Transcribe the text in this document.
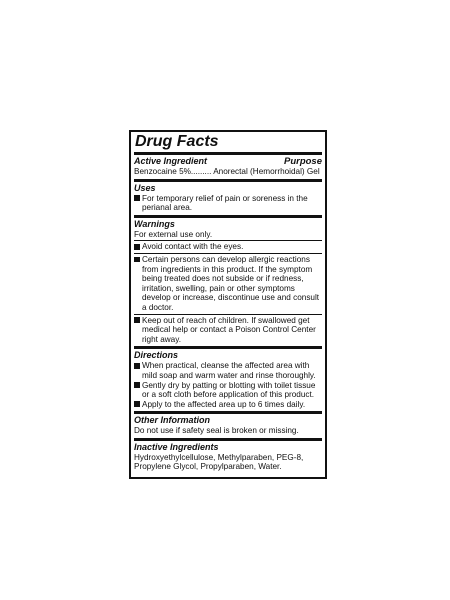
Drug Facts
Active Ingredient	Purpose
Benzocaine 5%......... Anorectal (Hemorrhoidal) Gel
Uses
For temporary relief of pain or soreness in the perianal area.
Warnings
For external use only.
Avoid contact with the eyes.
Certain persons can develop allergic reactions from ingredients in this product. If the symptom being treated does not subside or if redness, irritation, swelling, pain or other symptoms develop or increase, discontinue use and consult a doctor.
Keep out of reach of children. If swallowed get medical help or contact a Poison Control Center right away.
Directions
When practical, cleanse the affected area with mild soap and warm water and rinse thoroughly.
Gently dry by patting or blotting with toilet tissue or a soft cloth before application of this product.
Apply to the affected area up to 6 times daily.
Other Information
Do not use if safety seal is broken or missing.
Inactive Ingredients
Hydroxyethylcellulose, Methylparaben, PEG-8, Propylene Glycol, Propylparaben, Water.
